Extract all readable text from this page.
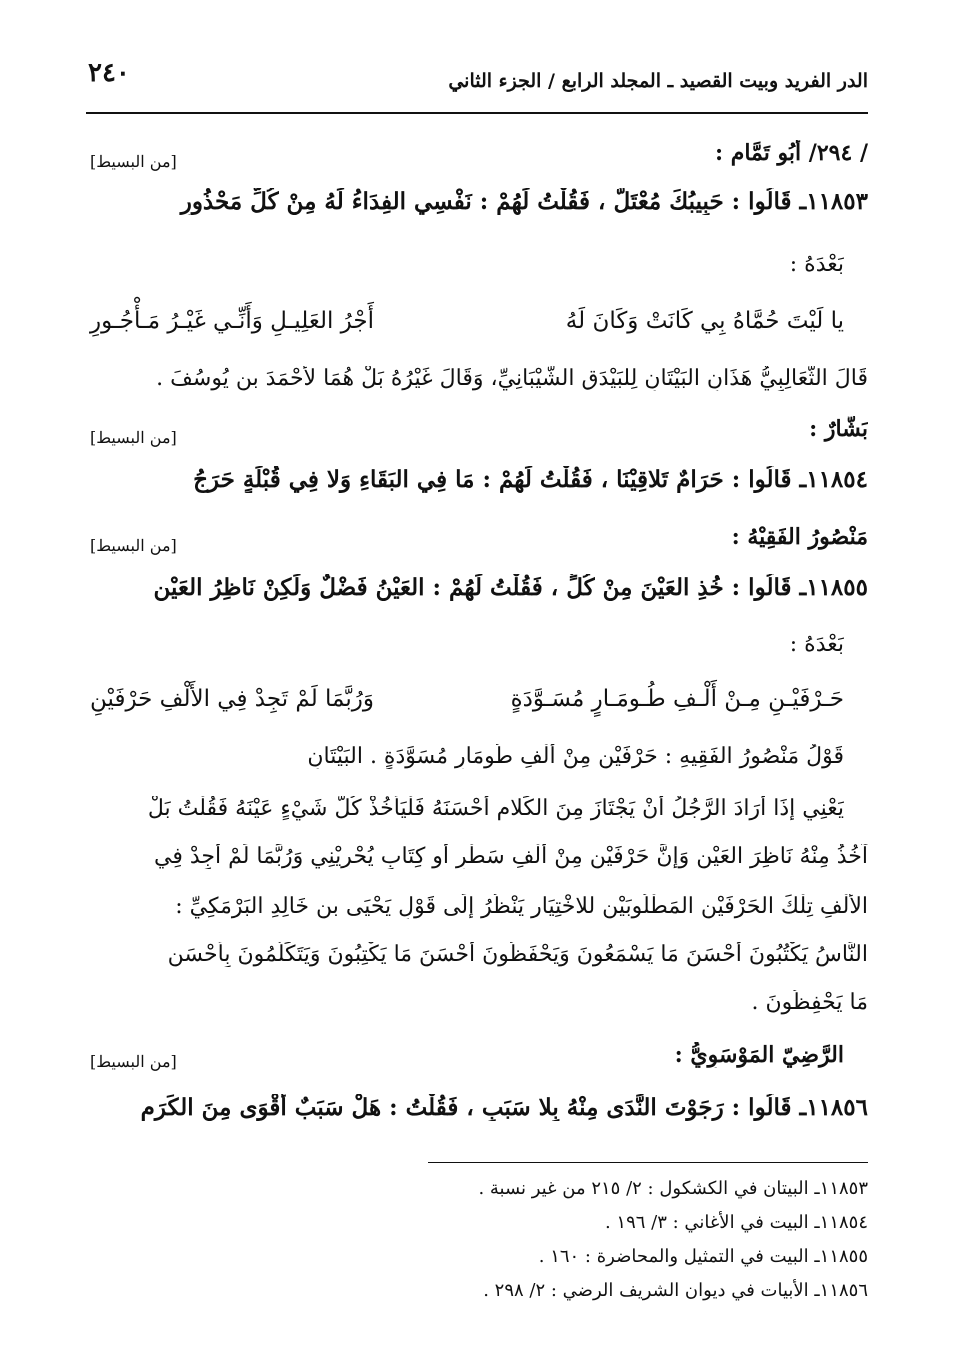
الدر الفريد وبيت القصيد ـ المجلد الرابع / الجزء الثاني
٢٤٠
/ ٢٩٤/ أَبُو تَمَّام :
[من البسيط]
١١٨٥٣ـ قَالُوا : حَبِيبُكَ مُعْتَلٌّ ، فَقُلْتُ لَهُمْ : نَفْسِي الفِدَاءُ لَهُ مِنْ كُلِّ مَحْذُورِ
بَعْدَهُ :
يا لَيْتَ حُمَّاهُ بِي كَانَتْ وَكَانَ لَهُ
أَجْرُ العَلِيـلِ وَأَنِّـي غَيْـرُ مَـأْجُـورِ
قَالَ الثَّعَالِبِيُّ هَذَانِ البَيْتَانِ لِلبَيْدَقِ الشَّيْبَانِيِّ، وَقَالَ غَيْرُهُ بَلْ هُمَا لأَحْمَدَ بنِ يُوسُفَ .
بَشَّارٌ :
[من البسيط]
١١٨٥٤ـ قَالُوا : حَرَامٌ تَلاقِيْنَا ، فَقُلْتُ لَهُمْ : مَا فِي البَقَاءِ وَلا فِي قُبْلَةٍ حَرَجُ
مَنْصُورُ الفَقِيْهُ :
[من البسيط]
١١٨٥٥ـ قَالُوا : خُذِ العَيْنَ مِنْ كُلٍّ ، فَقُلْتُ لَهُمْ : العَيْنُ فَضْلٌ وَلَكِنْ نَاظِرُ العَيْنِ
بَعْدَهُ :
حَـرْفَيْـنِ مِـنْ أَلْـفِ طُـومَـارٍ مُسَـوَّدَةٍ
وَرُبَّمَا لَمْ تَجِدْ فِي الأَلْفِ حَرْفَيْنِ
قَوْلُ مَنْصُورُ الفَقِيهِ : حَرْفَيْنِ مِنْ أَلْفِ طُومَارٍ مُسَوَّدَةٍ . البَيْتَانِ
يَعْنِي إِذَا أَرَادَ الرَّجُلُ أَنْ يَجْتَازَ مِنَ الكَلامِ أَحْسَنَهُ فَلْيَأْخُذْ كُلَّ شَيْءٍ عَيْنَهُ فَقُلْتُ بَلْ
آخُذُ مِنْهُ نَاظِرَ العَيْنِ وَإِنَّ حَرْفَيْنِ مِنْ أَلْفِ سَطْرٍ أَو كِتَابٍ يُحْرِيْنِي وَرُبَّمَا لَمْ أَجِدْ فِي
الأَلْفِ تِلْكَ الحَرْفَيْنِ المَطْلُوبَيْنِ للاخْتِيَارِ يَنْظُرُ إِلَى قَوْلِ يَحْيَى بن خَالِدِ البَرْمَكِيِّ :
النَّاسُ يَكْتُبُونَ أَحْسَنَ مَا يَسْمَعُونَ وَيَحْفَظُونَ أَحْسَنَ مَا يَكْتِبُونَ وَيَتَكَلَّمُونَ بِأَحْسَنِ
مَا يَحْفِظُونَ .
الرَّضِيّ المَوْسَوِيُّ :
[من البسيط]
١١٨٥٦ـ قَالُوا : رَجَوْتَ النَّدَى مِنْهُ بِلا سَبَبٍ ، فَقُلْتُ : هَلْ سَبَبٌ أَقْوَى مِنَ الكَرَمِ
١١٨٥٣ـ البيتان في الكشكول : ٢/ ٢١٥ من غير نسبة .
١١٨٥٤ـ البيت في الأغاني : ٣/ ١٩٦ .
١١٨٥٥ـ البيت في التمثيل والمحاضرة : ١٦٠ .
١١٨٥٦ـ الأبيات في ديوان الشريف الرضي : ٢/ ٢٩٨ .
